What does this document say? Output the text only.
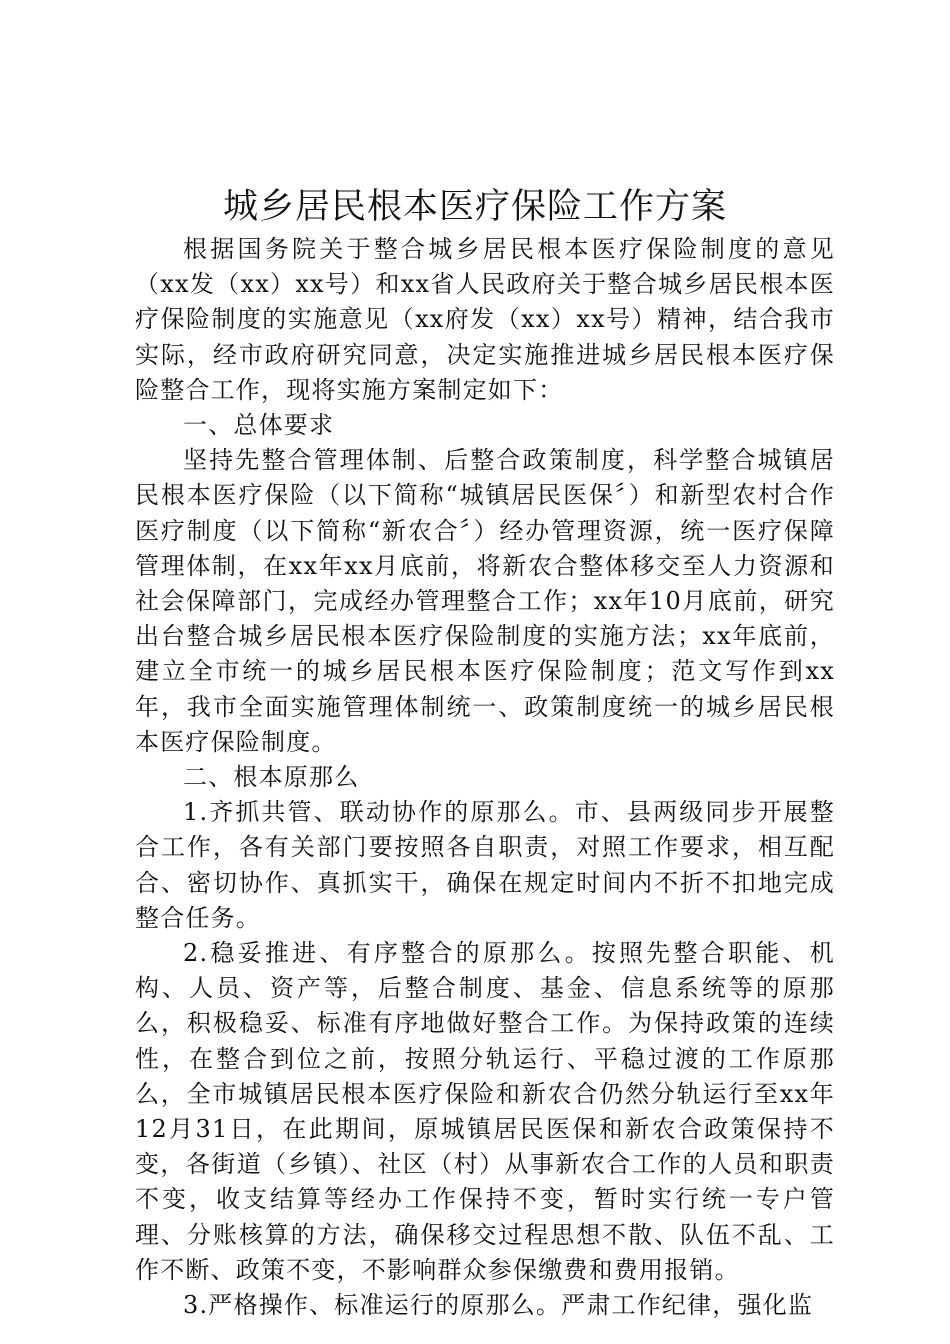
城乡居民根本医疗保险工作方案

根据国务院关于整合城乡居民根本医疗保险制度的意见（xx发（xx）xx号）和xx省人民政府关于整合城乡居民根本医疗保险制度的实施意见（xx府发（xx）xx号）精神，结合我市实际，经市政府研究同意，决定实施推进城乡居民根本医疗保险整合工作，现将实施方案制定如下：

一、总体要求

坚持先整合管理体制、后整合政策制度，科学整合城镇居民根本医疗保险（以下简称“城镇居民医保〞）和新型农村合作医疗制度（以下简称“新农合〞）经办管理资源，统一医疗保障管理体制，在xx年xx月底前，将新农合整体移交至人力资源和社会保障部门，完成经办管理整合工作；xx年10月底前，研究出台整合城乡居民根本医疗保险制度的实施方法；xx年底前，建立全市统一的城乡居民根本医疗保险制度；范文写作到xx年，我市全面实施管理体制统一、政策制度统一的城乡居民根本医疗保险制度。

二、根本原那么

1.齐抓共管、联动协作的原那么。市、县两级同步开展整合工作，各有关部门要按照各自职责，对照工作要求，相互配合、密切协作、真抓实干，确保在规定时间内不折不扣地完成整合任务。

2.稳妥推进、有序整合的原那么。按照先整合职能、机构、人员、资产等，后整合制度、基金、信息系统等的原那么，积极稳妥、标准有序地做好整合工作。为保持政策的连续性，在整合到位之前，按照分轨运行、平稳过渡的工作原那么，全市城镇居民根本医疗保险和新农合仍然分轨运行至xx年12月31日，在此期间，原城镇居民医保和新农合政策保持不变，各街道（乡镇）、社区（村）从事新农合工作的人员和职责不变，收支结算等经办工作保持不变，暂时实行统一专户管理、分账核算的方法，确保移交过程思想不散、队伍不乱、工作不断、政策不变，不影响群众参保缴费和费用报销。

3.严格操作、标准运行的原那么。严肃工作纪律，强化监
